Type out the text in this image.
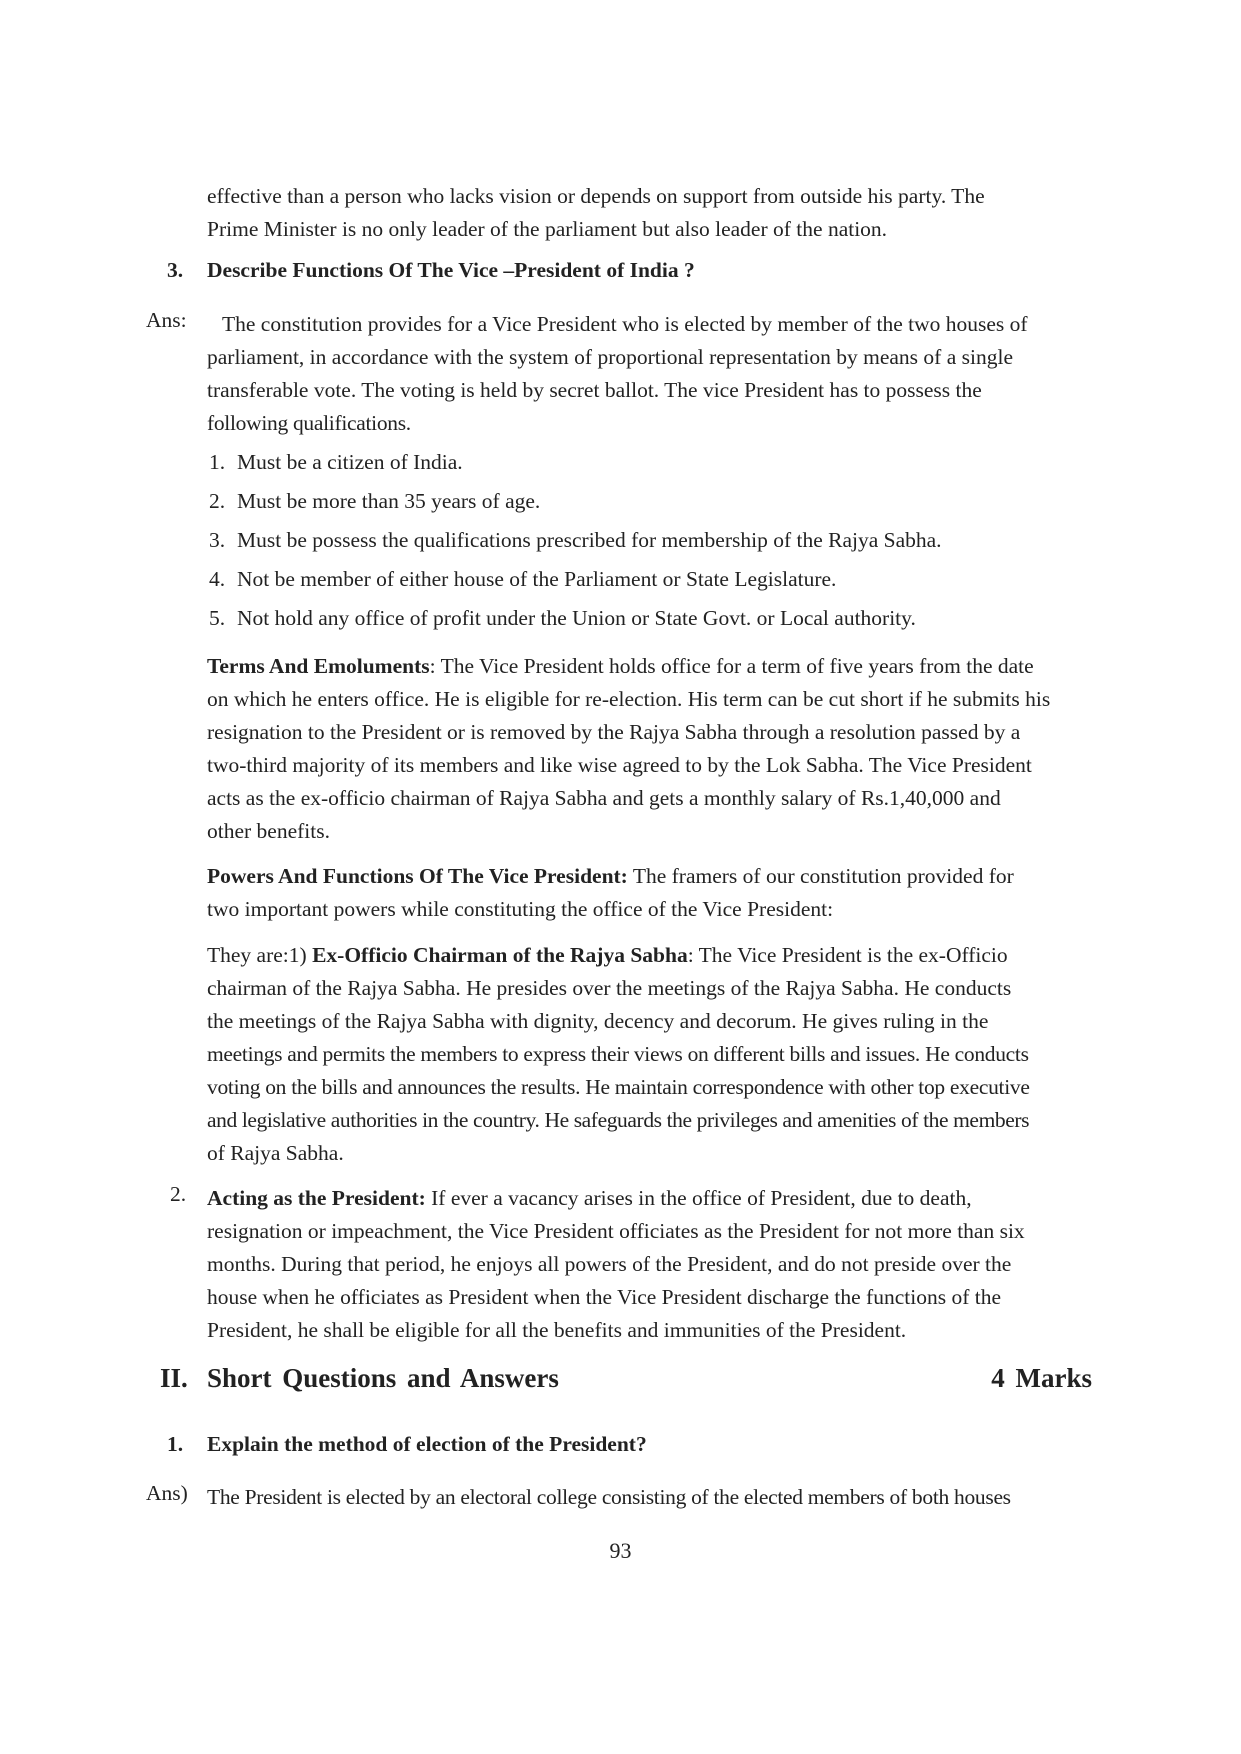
effective than a person who lacks vision or depends on support from outside his party. The

Prime Minister is no only leader of the parliament but also leader of the nation.

3. Describe Functions Of The Vice –President of India ?
Ans:	The constitution provides for a Vice President who is elected by member of the two houses of

parliament, in accordance with the system of proportional representation by means of a single

transferable vote. The voting is held by secret ballot. The vice President has to possess the

following qualifications.

1. Must be a citizen of India.
2. Must be more than 35 years of age.
3. Must be possess the qualifications prescribed for membership of the Rajya Sabha.
4. Not be member of either house of the Parliament or State Legislature.
5. Not hold any office of profit under the Union or State Govt. or Local authority.

Terms And Emoluments: The Vice President holds office for a term of five years from the date

on which he enters office. He is eligible for re-election. His term can be cut short if he submits his

resignation to the President or is removed by the Rajya Sabha through a resolution passed by a

two-third majority of its members and like wise agreed to by the Lok Sabha. The Vice President

acts as the ex-officio chairman of Rajya Sabha and gets a monthly salary of Rs.1,40,000 and

other benefits.

Powers And Functions Of The Vice President: The framers of our constitution provided for

two important powers while constituting the office of the Vice President:

They are:1) Ex-Officio Chairman of the Rajya Sabha: The Vice President is the ex-Officio

chairman of the Rajya Sabha. He presides over the meetings of the Rajya Sabha. He conducts

the meetings of the Rajya Sabha with dignity, decency and decorum. He gives ruling in the

meetings and permits the members to express their views on different bills and issues. He conducts

voting on the bills and announces the results. He maintain correspondence with other top executive

and legislative authorities in the country. He safeguards the privileges and amenities of the members

of Rajya Sabha.

2. Acting as the President: If ever a vacancy arises in the office of President, due to death,

resignation or impeachment, the Vice President officiates as the President for not more than six

months. During that period, he enjoys all powers of the President, and do not preside over the

house when he officiates as President when the Vice President discharge the functions of the

President, he shall be eligible for all the benefits and immunities of the President.

II. Short Questions and Answers	4 Marks
1. Explain the method of election of the President?
Ans) The President is elected by an electoral college consisting of the elected members of both houses

93
